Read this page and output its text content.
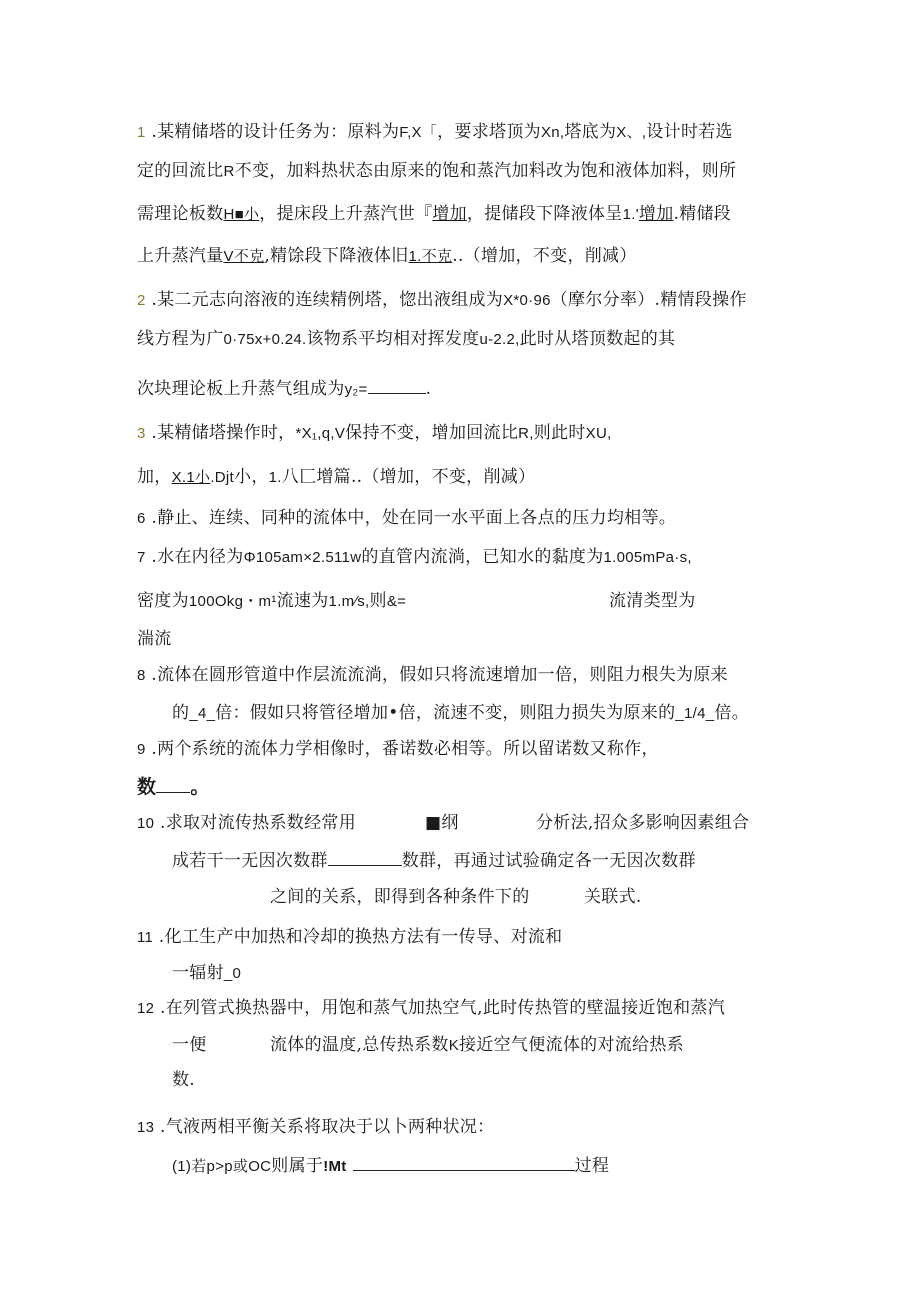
1 .某精储塔的设计任务为：原料为F,X「，要求塔顶为Xn,塔底为X、,设计时若选
定的回流比R不变，加料热状态由原来的饱和蒸汽加料改为饱和液体加料，则所
需理论板数H■小，提床段上升蒸汽世『增加，提储段下降液体呈1.'增加.精储段
上升蒸汽量V不克,精馀段下降液体旧1.不克..（增加，不变，削减）
2 .某二元志向溶液的连续精例塔，惚出液组成为X*0·96（摩尔分率）.精情段操作
线方程为广0·75x+0.24.该物系平均相对挥发度u-2.2,此时从塔顶数起的其
次块理论板上升蒸气组成为y₂=	.
3 .某精储塔操作时，*X₁,q,V保持不变，增加回流比R,则此时XU,
加，X.1小.Djt小，1.八匚增篇..（增加，不变，削减）
6 .静止、连续、同种的流体中，处在同一水平面上各点的压力均相等。
7 .水在内径为Φ105am×2.511w的直管内流淌，已知水的黏度为1.005mPa·s,
密度为100Okg・m¹流速为1.m⁄s,则&=	流清类型为
湍流
8 .流体在圆形管道中作层流流淌，假如只将流速增加一倍，则阻力根失为原来
的_4_倍：假如只将管径增加•倍，流速不变，则阻力损失为原来的_1/4_倍。
9 .两个系统的流体力学相像时，番诺数必相等。所以留诺数又称作，
数 。
10 .求取对流传热系数经常用	■纲	分析法,招众多影响因素组合
成若干一无因次数群	数群，再通过试验确定各一无因次数群
之间的关系，即得到各种条件下的	关联式.
11 .化工生产中加热和冷却的换热方法有一传导、对流和
一辐射_0
12 .在列管式换热器中，用饱和蒸气加热空气,此时传热管的壁温接近饱和蒸汽
一便	流体的温度,总传热系数K接近空气便流体的对流给热系
数.
13 .气液两相平衡关系将取决于以卜两种状况：
(1)若p>p或OC则属于!Mt	过程
